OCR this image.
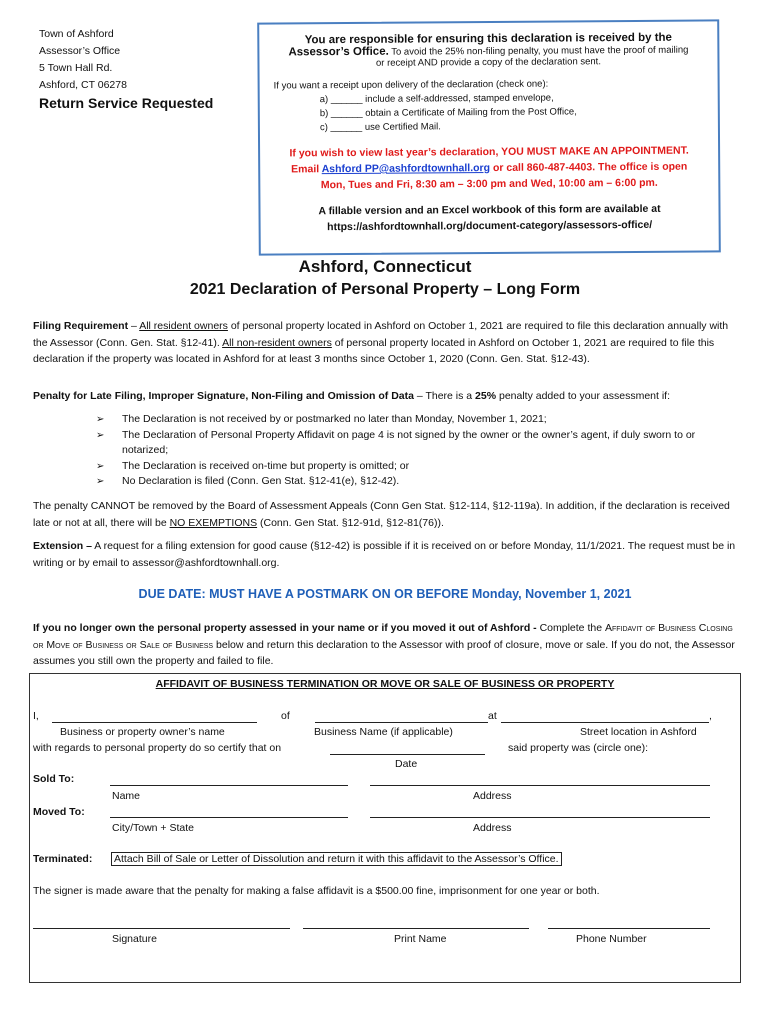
Town of Ashford
Assessor’s Office
5 Town Hall Rd.
Ashford, CT 06278
Return Service Requested
You are responsible for ensuring this declaration is received by the
Assessor’s Office. To avoid the 25% non-filing penalty, you must have the proof of mailing
or receipt AND provide a copy of the declaration sent.
If you want a receipt upon delivery of the declaration (check one):
a) ______ include a self-addressed, stamped envelope,
b) ______ obtain a Certificate of Mailing from the Post Office,
c) ______ use Certified Mail.
If you wish to view last year’s declaration, YOU MUST MAKE AN APPOINTMENT.
Email Ashford PP@ashfordtownhall.org or call 860-487-4403. The office is open
Mon, Tues and Fri, 8:30 am – 3:00 pm and Wed, 10:00 am – 6:00 pm.
A fillable version and an Excel workbook of this form are available at
https://ashfordtownhall.org/document-category/assessors-office/
Ashford, Connecticut
2021 Declaration of Personal Property – Long Form
Filing Requirement – All resident owners of personal property located in Ashford on October 1, 2021 are required to file this declaration annually with the Assessor (Conn. Gen. Stat. §12-41). All non-resident owners of personal property located in Ashford on October 1, 2021 are required to file this declaration if the property was located in Ashford for at least 3 months since October 1, 2020 (Conn. Gen. Stat. §12-43).
Penalty for Late Filing, Improper Signature, Non-Filing and Omission of Data – There is a 25% penalty added to your assessment if:
➢ The Declaration is not received by or postmarked no later than Monday, November 1, 2021;
➢ The Declaration of Personal Property Affidavit on page 4 is not signed by the owner or the owner’s agent, if duly sworn to or notarized;
➢ The Declaration is received on-time but property is omitted; or
➢ No Declaration is filed (Conn. Gen Stat. §12-41(e), §12-42).
The penalty CANNOT be removed by the Board of Assessment Appeals (Conn Gen Stat. §12-114, §12-119a). In addition, if the declaration is received late or not at all, there will be NO EXEMPTIONS (Conn. Gen Stat. §12-91d, §12-81(76)).
Extension – A request for a filing extension for good cause (§12-42) is possible if it is received on or before Monday, 11/1/2021. The request must be in writing or by email to assessor@ashfordtownhall.org.
DUE DATE: MUST HAVE A POSTMARK ON OR BEFORE Monday, November 1, 2021
If you no longer own the personal property assessed in your name or if you moved it out of Ashford - Complete the Affidavit of Business Closing or Move of Business or Sale of Business below and return this declaration to the Assessor with proof of closure, move or sale. If you do not, the Assessor assumes you still own the property and failed to file.
AFFIDAVIT OF BUSINESS TERMINATION OR MOVE OR SALE OF BUSINESS OR PROPERTY
I,	of	at	,
Business or property owner’s name	Business Name (if applicable)	Street location in Ashford
with regards to personal property do so certify that on	said property was (circle one):
Date
Sold To:
Name	Address
Moved To:
City/Town + State	Address
Terminated: Attach Bill of Sale or Letter of Dissolution and return it with this affidavit to the Assessor’s Office.
The signer is made aware that the penalty for making a false affidavit is a $500.00 fine, imprisonment for one year or both.
Signature	Print Name	Phone Number
